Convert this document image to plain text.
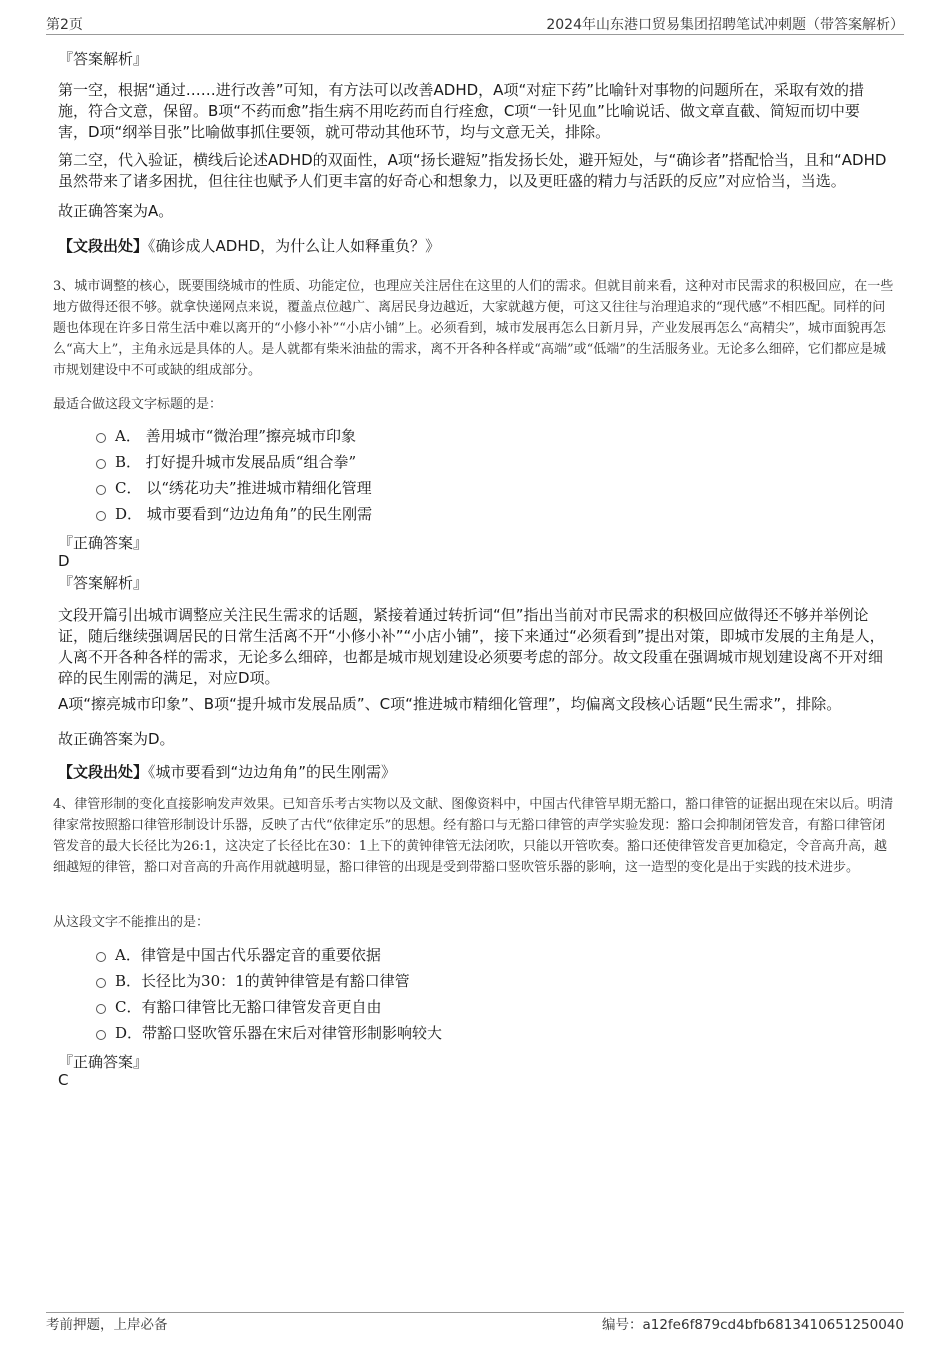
第2页	2024年山东港口贸易集团招聘笔试冲刺题（带答案解析）
『答案解析』

第一空，根据“通过……进行改善”可知，有方法可以改善ADHD，A项“对症下药”比喻针对事物的问题所在，采取有效的措施，符合文意，保留。B项“不药而愈”指生病不用吃药而自行痊愈，C项“一针见血”比喻说话、做文章直截、简短而切中要害，D项“纲举目张”比喻做事抓住要领，就可带动其他环节，均与文意无关，排除。

第二空，代入验证，横线后论述ADHD的双面性，A项“扬长避短”指发扬长处，避开短处，与“确诊者”搭配恰当，且和“ADHD虽然带来了诸多困扰，但往往也赋予人们更丰富的好奇心和想象力，以及更旺盛的精力与活跃的反应”对应恰当，当选。

故正确答案为A。

【文段出处】《确诊成人ADHD，为什么让人如释重负？》

3、城市调整的核心，既要围绕城市的性质、功能定位，也理应关注居住在这里的人们的需求。但就目前来看，这种对市民需求的积极回应，在一些地方做得还很不够。就拿快递网点来说，覆盖点位越广、离居民身边越近，大家就越方便，可这又往往与治理追求的“现代感”不相匹配。同样的问题也体现在许多日常生活中难以离开的“小修小补”“小店小铺”上。必须看到，城市发展再怎么日新月异，产业发展再怎么“高精尖”，城市面貌再怎么“高大上”，主角永远是具体的人。是人就都有柴米油盐的需求，离不开各种各样或“高端”或“低端”的生活服务业。无论多么细碎，它们都应是城市规划建设中不可或缺的组成部分。

最适合做这段文字标题的是：
A． 善用城市“微治理”擦亮城市印象
B． 打好提升城市发展品质“组合拳”
C． 以“绣花功夫”推进城市精细化管理
D． 城市要看到“边边角角”的民生刚需
『正确答案』
D
『答案解析』

文段开篇引出城市调整应关注民生需求的话题，紧接着通过转折词“但”指出当前对市民需求的积极回应做得还不够并举例论证，随后继续强调居民的日常生活离不开“小修小补”“小店小铺”，接下来通过“必须看到”提出对策，即城市发展的主角是人，人离不开各种各样的需求，无论多么细碎，也都是城市规划建设必须要考虑的部分。故文段重在强调城市规划建设离不开对细碎的民生刚需的满足，对应D项。

A项“擦亮城市印象”、B项“提升城市发展品质”、C项“推进城市精细化管理”，均偏离文段核心话题“民生需求”，排除。

故正确答案为D。

【文段出处】《城市要看到“边边角角”的民生刚需》

4、律管形制的变化直接影响发声效果。已知音乐考古实物以及文献、图像资料中，中国古代律管早期无豁口，豁口律管的证据出现在宋以后。明清律家常按照豁口律管形制设计乐器，反映了古代“依律定乐”的思想。经有豁口与无豁口律管的声学实验发现：豁口会抑制闭管发音，有豁口律管闭管发音的最大长径比为26:1，这决定了长径比在30：1上下的黄钟律管无法闭吹，只能以开管吹奏。豁口还使律管发音更加稳定，令音高升高，越细越短的律管，豁口对音高的升高作用就越明显，豁口律管的出现是受到带豁口竖吹管乐器的影响，这一造型的变化是出于实践的技术进步。

从这段文字不能推出的是：
A．律管是中国古代乐器定音的重要依据
B．长径比为30：1的黄钟律管是有豁口律管
C．有豁口律管比无豁口律管发音更自由
D．带豁口竖吹管乐器在宋后对律管形制影响较大
『正确答案』
C
考前押题，上岸必备	编号：a12fe6f879cd4bfb6813410651250040
